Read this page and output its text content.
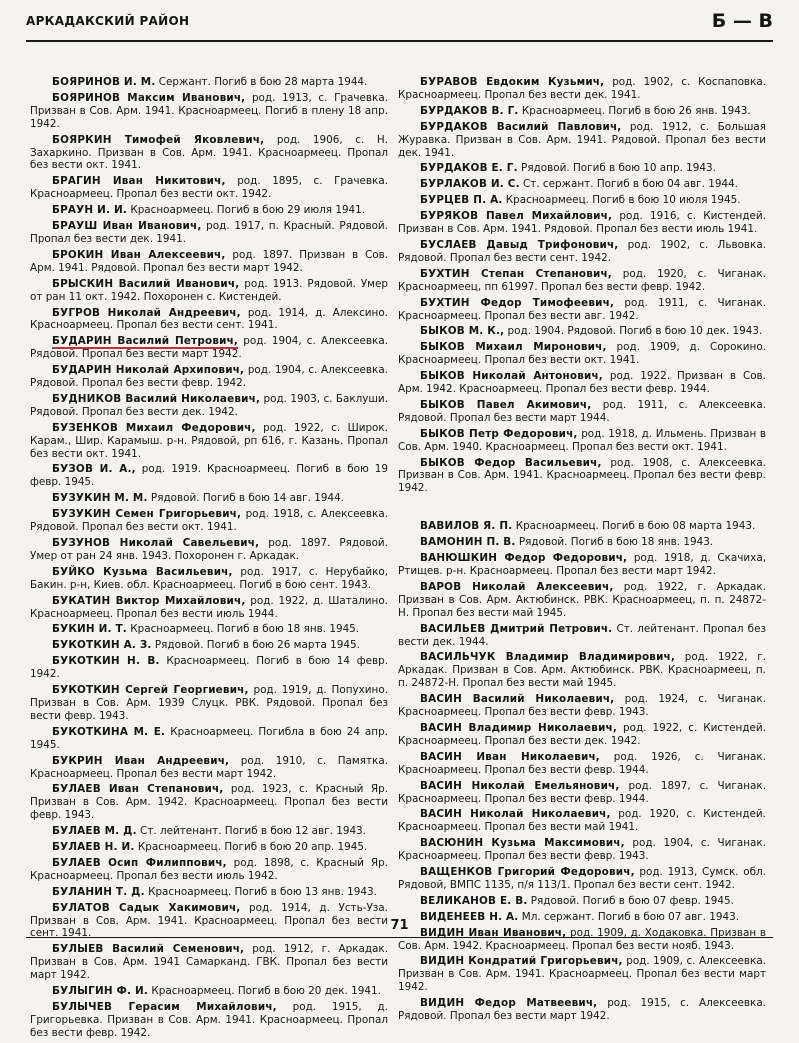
АРКАДАКСКИЙ РАЙОН	Б — В

БОЯРИНОВ И. М. Сержант. Погиб в бою 28 марта 1944.

БОЯРИНОВ Максим Иванович, род. 1913, с. Грачевка. Призван в Сов. Арм. 1941. Красноармеец. Погиб в плену 18 апр. 1942.

БОЯРКИН Тимофей Яковлевич, род. 1906, с. Н. Захаркино. Призван в Сов. Арм. 1941. Красноармеец. Пропал без вести окт. 1941.

БРАГИН Иван Никитович, род. 1895, с. Грачевка. Красноармеец. Пропал без вести окт. 1942.

БРАУН И. И. Красноармеец. Погиб в бою 29 июля 1941.

БРАУШ Иван Иванович, род. 1917, п. Красный. Рядовой. Пропал без вести дек. 1941.

БРОКИН Иван Алексеевич, род. 1897. Призван в Сов. Арм. 1941. Рядовой. Пропал без вести март 1942.

БРЫСКИН Василий Иванович, род. 1913. Рядовой. Умер от ран 11 окт. 1942. Похоронен с. Кистендей.

БУГРОВ Николай Андреевич, род. 1914, д. Алексино. Красноармеец. Пропал без вести сент. 1941.

БУДАРИН Василий Петрович, род. 1904, с. Алексеевка. Рядовой. Пропал без вести март 1942.

БУДАРИН Николай Архипович, род. 1904, с. Алексеевка. Рядовой. Пропал без вести февр. 1942.

БУДНИКОВ Василий Николаевич, род. 1903, с. Баклуши. Рядовой. Пропал без вести дек. 1942.

БУЗЕНКОВ Михаил Федорович, род. 1922, с. Широк. Карам., Шир. Карамыш. р-н. Рядовой, рп 616, г. Казань. Пропал без вести окт. 1941.

БУЗОВ И. А., род. 1919. Красноармеец. Погиб в бою 19 февр. 1945.

БУЗУКИН М. М. Рядовой. Погиб в бою 14 авг. 1944.

БУЗУКИН Семен Григорьевич, род. 1918, с. Алексеевка. Рядовой. Пропал без вести окт. 1941.

БУЗУНОВ Николай Савельевич, род. 1897. Рядовой. Умер от ран 24 янв. 1943. Похоронен г. Аркадак.

БУЙКО Кузьма Васильевич, род. 1917, с. Нерубайко, Бакин. р-н, Киев. обл. Красноармеец. Погиб в бою сент. 1943.

БУКАТИН Виктор Михайлович, род. 1922, д. Шаталино. Красноармеец. Пропал без вести июль 1944.

БУКИН И. Т. Красноармеец. Погиб в бою 18 янв. 1945.

БУКОТКИН А. З. Рядовой. Погиб в бою 26 марта 1945.

БУКОТКИН Н. В. Красноармеец. Погиб в бою 14 февр. 1942.

БУКОТКИН Сергей Георгиевич, род. 1919, д. Попухино. Призван в Сов. Арм. 1939 Слуцк. РВК. Рядовой. Пропал без вести февр. 1943.

БУКОТКИНА М. Е. Красноармеец. Погибла в бою 24 апр. 1945.

БУКРИН Иван Андреевич, род. 1910, с. Памятка. Красноармеец. Пропал без вести март 1942.

БУЛАЕВ Иван Степанович, род. 1923, с. Красный Яр. Призван в Сов. Арм. 1942. Красноармеец. Пропал без вести февр. 1943.

БУЛАЕВ М. Д. Ст. лейтенант. Погиб в бою 12 авг. 1943.

БУЛАЕВ Н. И. Красноармеец. Погиб в бою 20 апр. 1945.

БУЛАЕВ Осип Филиппович, род. 1898, с. Красный Яр. Красноармеец. Пропал без вести июль 1942.

БУЛАНИН Т. Д. Красноармеец. Погиб в бою 13 янв. 1943.

БУЛАТОВ Садык Хакимович, род. 1914, д. Усть-Уза. Призван в Сов. Арм. 1941. Красноармеец. Пропал без вести сент. 1941.

БУЛЫЕВ Василий Семенович, род. 1912, г. Аркадак. Призван в Сов. Арм. 1941 Самарканд. ГВК. Пропал без вести март 1942.

БУЛЫГИН Ф. И. Красноармеец. Погиб в бою 20 дек. 1941.

БУЛЫЧЕВ Герасим Михайлович, род. 1915, д. Григорьевка. Призван в Сов. Арм. 1941. Красноармеец. Пропал без вести февр. 1942.

БУРАВОВ Евдоким Кузьмич, род. 1902, с. Коспаповка. Красноармеец. Пропал без вести дек. 1941.

БУРДАКОВ В. Г. Красноармеец. Погиб в бою 26 янв. 1943.

БУРДАКОВ Василий Павлович, род. 1912, с. Большая Журавка. Призван в Сов. Арм. 1941. Рядовой. Пропал без вести дек. 1941.

БУРДАКОВ Е. Г. Рядовой. Погиб в бою 10 апр. 1943.

БУРЛАКОВ И. С. Ст. сержант. Погиб в бою 04 авг. 1944.

БУРЦЕВ П. А. Красноармеец. Погиб в бою 10 июля 1945.

БУРЯКОВ Павел Михайлович, род. 1916, с. Кистендей. Призван в Сов. Арм. 1941. Рядовой. Пропал без вести июль 1941.

БУСЛАЕВ Давыд Трифонович, род. 1902, с. Львовка. Рядовой. Пропал без вести сент. 1942.

БУХТИН Степан Степанович, род. 1920, с. Чиганак. Красноармеец, пп 61997. Пропал без вести февр. 1942.

БУХТИН Федор Тимофеевич, род. 1911, с. Чиганак. Красноармеец. Пропал без вести авг. 1942.

БЫКОВ М. К., род. 1904. Рядовой. Погиб в бою 10 дек. 1943.

БЫКОВ Михаил Миронович, род. 1909, д. Сорокино. Красноармеец. Пропал без вести окт. 1941.

БЫКОВ Николай Антонович, род. 1922. Призван в Сов. Арм. 1942. Красноармеец. Пропал без вести февр. 1944.

БЫКОВ Павел Акимович, род. 1911, с. Алексеевка. Рядовой. Пропал без вести март 1944.

БЫКОВ Петр Федорович, род. 1918, д. Ильмень. Призван в Сов. Арм. 1940. Красноармеец. Пропал без вести окт. 1941.

БЫКОВ Федор Васильевич, род. 1908, с. Алексеевка. Призван в Сов. Арм. 1941. Красноармеец. Пропал без вести февр. 1942.

ВАВИЛОВ Я. П. Красноармеец. Погиб в бою 08 марта 1943.

ВАМОНИН П. В. Рядовой. Погиб в бою 18 янв. 1943.

ВАНЮШКИН Федор Федорович, род. 1918, д. Скачиха, Ртищев. р-н. Красноармеец. Пропал без вести март 1942.

ВАРОВ Николай Алексеевич, род. 1922, г. Аркадак. Призван в Сов. Арм. Актюбинск. РВК. Красноармеец, п. п. 24872-Н. Пропал без вести май 1945.

ВАСИЛЬЕВ Дмитрий Петрович. Ст. лейтенант. Пропал без вести дек. 1944.

ВАСИЛЬЧУК Владимир Владимирович, род. 1922, г. Аркадак. Призван в Сов. Арм. Актюбинск. РВК. Красноармеец, п. п. 24872-Н. Пропал без вести май 1945.

ВАСИН Василий Николаевич, род. 1924, с. Чиганак. Красноармеец. Пропал без вести февр. 1943.

ВАСИН Владимир Николаевич, род. 1922, с. Кистендей. Красноармеец. Пропал без вести дек. 1942.

ВАСИН Иван Николаевич, род. 1926, с. Чиганак. Красноармеец. Пропал без вести февр. 1944.

ВАСИН Николай Емельянович, род. 1897, с. Чиганак. Красноармеец. Пропал без вести февр. 1944.

ВАСИН Николай Николаевич, род. 1920, с. Кистендей. Красноармеец. Пропал без вести май 1941.

ВАСЮНИН Кузьма Максимович, род. 1904, с. Чиганак. Красноармеец. Пропал без вести февр. 1943.

ВАЩЕНКОВ Григорий Федорович, род. 1913, Сумск. обл. Рядовой, ВМПС 1135, п/я 113/1. Пропал без вести сент. 1942.

ВЕЛИКАНОВ Е. В. Рядовой. Погиб в бою 07 февр. 1945.

ВИДЕНЕЕВ Н. А. Мл. сержант. Погиб в бою 07 авг. 1943.

ВИДИН Иван Иванович, род. 1909, д. Ходаковка. Призван в Сов. Арм. 1942. Красноармеец. Пропал без вести нояб. 1943.

ВИДИН Кондратий Григорьевич, род. 1909, с. Алексеевка. Призван в Сов. Арм. 1941. Красноармеец. Пропал без вести март 1942.

ВИДИН Федор Матвеевич, род. 1915, с. Алексеевка. Рядовой. Пропал без вести март 1942.

71
